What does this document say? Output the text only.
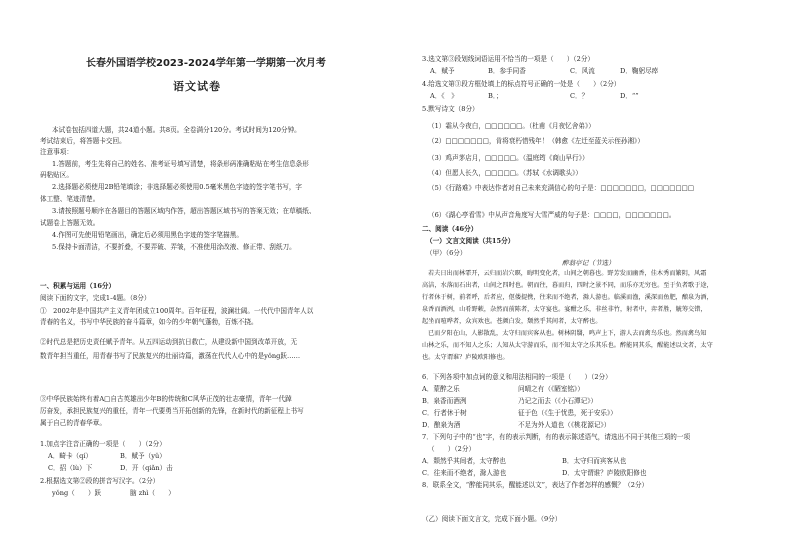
长春外国语学校2023-2024学年第一学期第一次月考
语文试卷
本试卷包括四道大题，共24道小题。共8页。全卷满分120分。考试时间为120分钟。
考试结束后，将答题卡交回。
注意事项：
1.答题前，考生先将自己的姓名、准考证号填写清楚，将条形码准确粘贴在考生信息条形
码粘贴区。
2.选择题必须使用2B铅笔填涂；非选择题必须使用0.5毫米黑色字迹的签字笔书写，字
体工整、笔迹清楚。
3.请按照题号顺序在各题目的答题区域内作答，超出答题区域书写的答案无效；在草稿纸、
试题卷上答题无效。
4.作图可先使用铅笔画出，确定后必须用黑色字迹的签字笔描黑。
5.保持卡面清洁，不要折叠，不要弄破、弄皱，不准使用涂改液、修正带、刮纸刀。
一、积累与运用（16分）
阅读下面的文字，完成1-4题。（8分）
①　2002年是中国共产主义青年团成立100周年。百年征程，波澜壮阔。一代代中国青年人以
青春的名义，书写中华民族的奋斗篇章，如今的少年朝气蓬勃，百炼不挠。
②时代总是把历史责任赋予青年。从五四运动到抗日救亡，从建设新中国到改革开放，无
数青年担当重任，用青春书写了民族复兴的壮丽诗篇，激荡在代代人心中的是yǒng跃……
③中华民族始终有着A□自古英雄出少年B的传统和C风华正茂的壮志豪情，青年一代踔
厉奋发，承担民族复兴的重任，青年一代要勇当开拓创新的先锋，在新时代的新征程上书写
属于自己的青春华章。
1.加点字注音正确的一项是（　　）（2分）
A．畸卡（qí）	B．赋予（yǔ）
C．招（lù）下	D．开（qiǎn）击
2.根据选文第②段的拼音写汉字。（2分）
yǒng（　　）跃	脑 zhì（　　）
3.选文第③段划线词语运用不恰当的一项是（　　）（2分）
A．赋予	B．参手同香	C．风流	D．鞠躬尽瘁
4.给选文第③段方框处填上的标点符号正确的一处是（　　）（2分）
A．《　》	B．；	C．？	D．“”
5.默写诗文（8分）
（1）霜从今夜白，□□□□□□。（杜甫《月夜忆舍弟》）
（2）□□□□□□□，肯将衰朽惜残年！（韩愈《左迁至蓝关示侄孙湘》）
（3）鸡声茅店月，□□□□□。（温庭筠《商山早行》）
（4）但愿人长久，□□□□□。（苏轼《水调歌头》）
（5）《行路难》中表达作者对自己未来充满信心的句子是：□□□□□□□，□□□□□□□
（6）《湖心亭看雪》中从声音角度写大雪严威的句子是：□□□□，□□□□□□□。
二、阅读（46分）
（一）文言文阅读（共15分）
（甲）（6分）
醉翁亭记（节选）
若夫日出而林霏开，云归而岩穴暝，晦明变化者，山间之朝暮也。野芳发而幽香，佳木秀而繁阴，风霜
高洁，水落而石出者，山间之四时也。朝而往，暮而归，四时之景不同，而乐亦无穷也。至于负者歌于途，
行者休于树，前者呼，后者应，伛偻提携，往来而不绝者，滁人游也。临溪而渔，溪深而鱼肥，酿泉为酒，
泉香而酒洌，山肴野蔌，杂然而前陈者，太守宴也。宴酣之乐，非丝非竹，射者中，弈者胜，觥筹交错，
起坐而喧哗者，众宾欢也。苍颜白发，颓然乎其间者，太守醉也。
已而夕阳在山，人影散乱，太守归而宾客从也。树林阴翳，鸣声上下，游人去而禽鸟乐也。然而禽鸟知
山林之乐，而不知人之乐；人知从太守游而乐，而不知太守之乐其乐也。醉能同其乐，醒能述以文者，太守
也。太守谓谁？庐陵欧阳修也。
6．下列各项中加点词的意义和用法相同的一项是（　　）（2分）
A．蒙醉之乐	问晴之有（《陋室铭》）
B．泉香而酒洌	乃记之而去（《小石潭记》）
C．行者休于树	征于色（《生于忧患，死于安乐》）
D．酿泉为酒	不足为外人道也（《桃花源记》）
7．下列句子中的“也”字，有的表示判断，有的表示陈述语气，请选出不同于其他三项的一项
（　　）（2分）
A．颓然乎其间者，太守醉也	B．太守归而宾客从也
C．往来而不绝者，滁人游也	D．太守谓谁？庐陵欧阳修也
8．联系全文，“醉能同其乐，醒能述以文”，表达了作者怎样的感慨？（2分）
（乙）阅读下面文言文，完成下面小题。（9分）
